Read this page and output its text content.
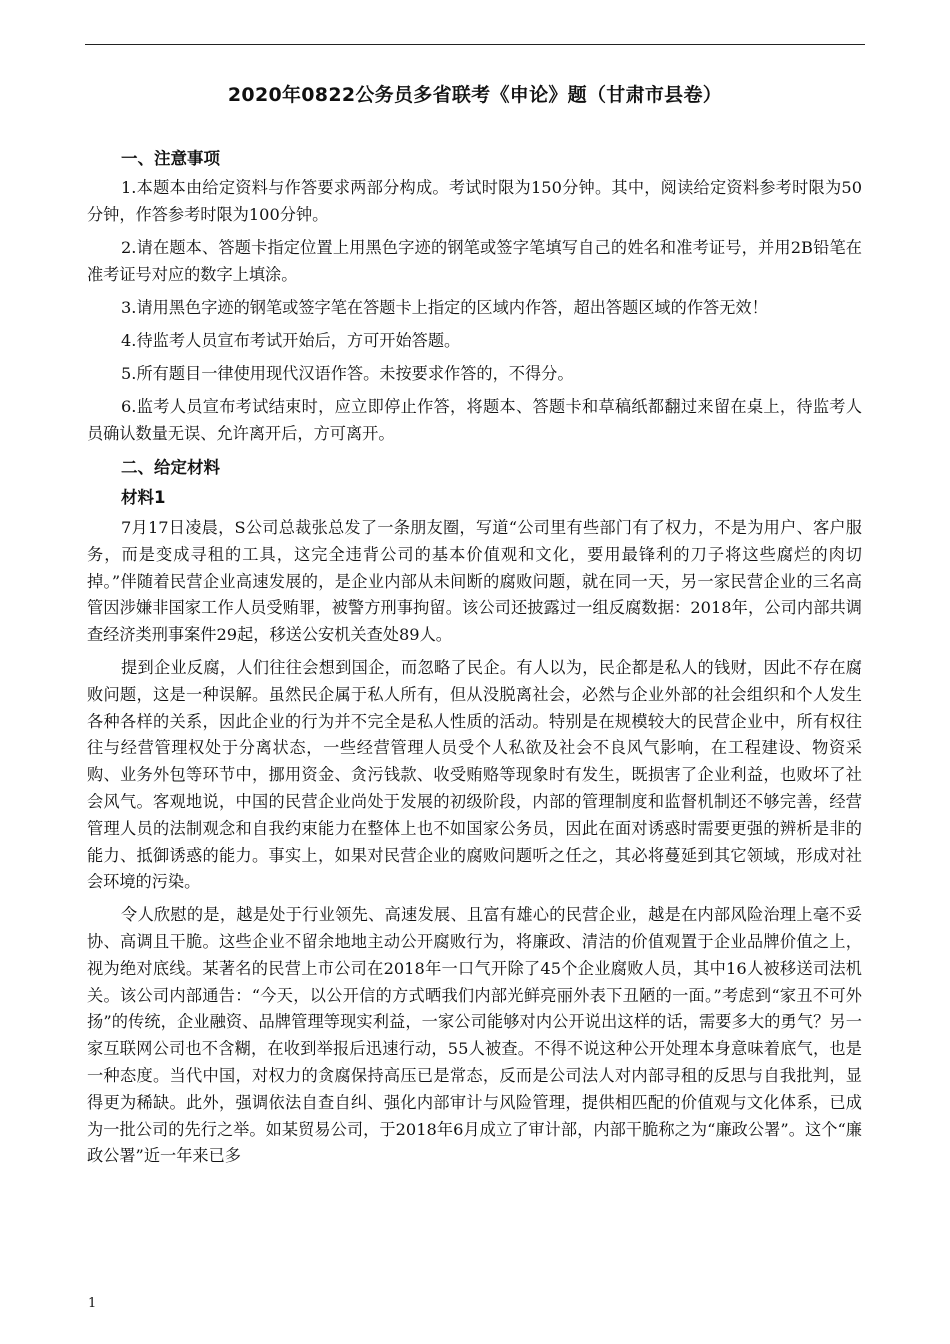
2020年0822公务员多省联考《申论》题（甘肃市县卷）

一、注意事项

1.本题本由给定资料与作答要求两部分构成。考试时限为150分钟。其中，阅读给定资料参考时限为50分钟，作答参考时限为100分钟。

2.请在题本、答题卡指定位置上用黑色字迹的钢笔或签字笔填写自己的姓名和准考证号，并用2B铅笔在准考证号对应的数字上填涂。

3.请用黑色字迹的钢笔或签字笔在答题卡上指定的区域内作答，超出答题区域的作答无效！

4.待监考人员宣布考试开始后，方可开始答题。

5.所有题目一律使用现代汉语作答。未按要求作答的，不得分。

6.监考人员宣布考试结束时，应立即停止作答，将题本、答题卡和草稿纸都翻过来留在桌上，待监考人员确认数量无误、允许离开后，方可离开。

二、给定材料

材料1

7月17日凌晨，S公司总裁张总发了一条朋友圈，写道“公司里有些部门有了权力，不是为用户、客户服务，而是变成寻租的工具，这完全违背公司的基本价值观和文化，要用最锋利的刀子将这些腐烂的肉切掉。”伴随着民营企业高速发展的，是企业内部从未间断的腐败问题，就在同一天，另一家民营企业的三名高管因涉嫌非国家工作人员受贿罪，被警方刑事拘留。该公司还披露过一组反腐数据：2018年，公司内部共调查经济类刑事案件29起，移送公安机关查处89人。

提到企业反腐，人们往往会想到国企，而忽略了民企。有人以为，民企都是私人的钱财，因此不存在腐败问题，这是一种误解。虽然民企属于私人所有，但从没脱离社会，必然与企业外部的社会组织和个人发生各种各样的关系，因此企业的行为并不完全是私人性质的活动。特别是在规模较大的民营企业中，所有权往往与经营管理权处于分离状态，一些经营管理人员受个人私欲及社会不良风气影响，在工程建设、物资采购、业务外包等环节中，挪用资金、贪污钱款、收受贿赂等现象时有发生，既损害了企业利益，也败坏了社会风气。客观地说，中国的民营企业尚处于发展的初级阶段，内部的管理制度和监督机制还不够完善，经营管理人员的法制观念和自我约束能力在整体上也不如国家公务员，因此在面对诱惑时需要更强的辨析是非的能力、抵御诱惑的能力。事实上，如果对民营企业的腐败问题听之任之，其必将蔓延到其它领域，形成对社会环境的污染。

令人欣慰的是，越是处于行业领先、高速发展、且富有雄心的民营企业，越是在内部风险治理上毫不妥协、高调且干脆。这些企业不留余地地主动公开腐败行为，将廉政、清洁的价值观置于企业品牌价值之上，视为绝对底线。某著名的民营上市公司在2018年一口气开除了45个企业腐败人员，其中16人被移送司法机关。该公司内部通告：“今天，以公开信的方式晒我们内部光鲜亮丽外表下丑陋的一面。”考虑到“家丑不可外扬”的传统，企业融资、品牌管理等现实利益，一家公司能够对内公开说出这样的话，需要多大的勇气？另一家互联网公司也不含糊，在收到举报后迅速行动，55人被查。不得不说这种公开处理本身意味着底气，也是一种态度。当代中国，对权力的贪腐保持高压已是常态，反而是公司法人对内部寻租的反思与自我批判，显得更为稀缺。此外，强调依法自查自纠、强化内部审计与风险管理，提供相匹配的价值观与文化体系，已成为一批公司的先行之举。如某贸易公司，于2018年6月成立了审计部，内部干脆称之为“廉政公署”。这个“廉政公署”近一年来已多

1
